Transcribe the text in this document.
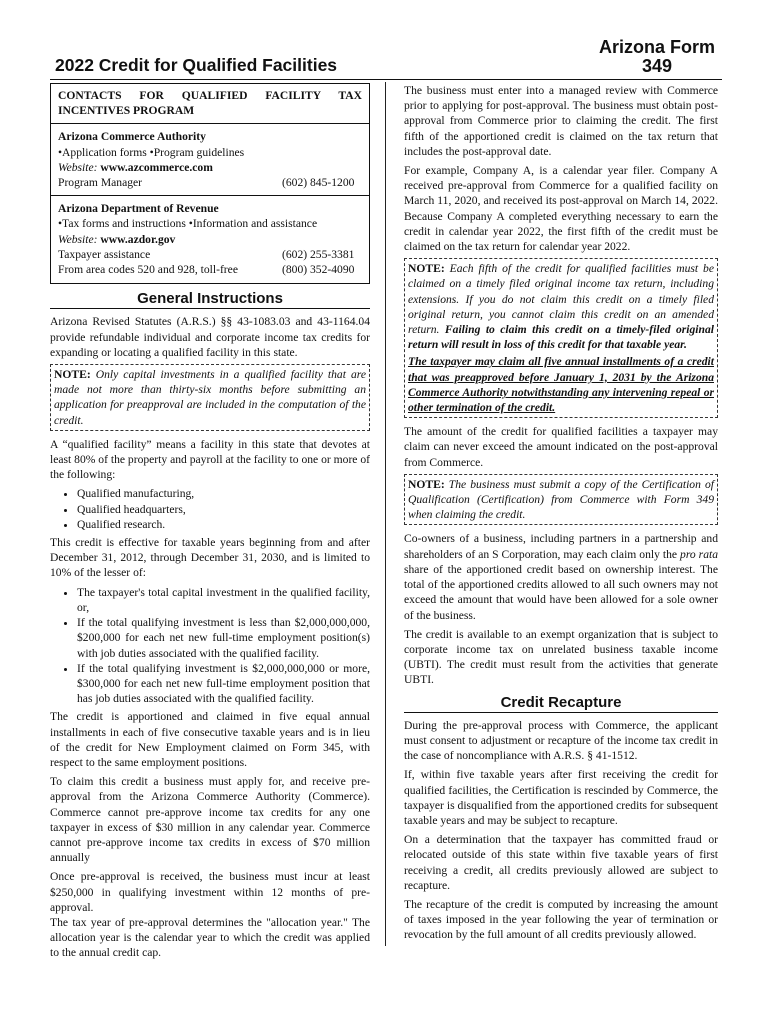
Arizona Form
349
2022 Credit for Qualified Facilities
CONTACTS FOR QUALIFIED FACILITY TAX INCENTIVES PROGRAM
Arizona Commerce Authority
•Application forms •Program guidelines
Website: www.azcommerce.com
Program Manager	(602) 845-1200
Arizona Department of Revenue
•Tax forms and instructions •Information and assistance
Website: www.azdor.gov
Taxpayer assistance	(602) 255-3381
From area codes 520 and 928, toll-free	(800) 352-4090
General Instructions

Arizona Revised Statutes (A.R.S.) §§ 43-1083.03 and 43-1164.04 provide refundable individual and corporate income tax credits for expanding or locating a qualified facility in this state.

NOTE: Only capital investments in a qualified facility that are made not more than thirty-six months before submitting an application for preapproval are included in the computation of the credit.

A “qualified facility” means a facility in this state that devotes at least 80% of the property and payroll at the facility to one or more of the following:

• Qualified manufacturing,
• Qualified headquarters,
• Qualified research.

This credit is effective for taxable years beginning from and after December 31, 2012, through December 31, 2030, and is limited to 10% of the lesser of:

• The taxpayer's total capital investment in the qualified facility, or,
• If the total qualifying investment is less than $2,000,000,000, $200,000 for each net new full-time employment position(s) with job duties associated with the qualified facility.
• If the total qualifying investment is $2,000,000,000 or more, $300,000 for each net new full-time employment position that has job duties associated with the qualified facility.

The credit is apportioned and claimed in five equal annual installments in each of five consecutive taxable years and is in lieu of the credit for New Employment claimed on Form 345, with respect to the same employment positions.

To claim this credit a business must apply for, and receive pre-approval from the Arizona Commerce Authority (Commerce). Commerce cannot pre-approve income tax credits for any one taxpayer in excess of $30 million in any calendar year. Commerce cannot pre-approve income tax credits in excess of $70 million annually

Once pre-approval is received, the business must incur at least $250,000 in qualifying investment within 12 months of pre-approval.

The tax year of pre-approval determines the "allocation year." The allocation year is the calendar year to which the credit was applied to the annual credit cap.

The business must enter into a managed review with Commerce prior to applying for post-approval. The business must obtain post-approval from Commerce prior to claiming the credit. The first fifth of the apportioned credit is claimed on the tax return that includes the post-approval date.

For example, Company A, is a calendar year filer. Company A received pre-approval from Commerce for a qualified facility on March 11, 2020, and received its post-approval on March 14, 2022. Because Company A completed everything necessary to earn the credit in calendar year 2022, the first fifth of the credit must be claimed on the tax return for calendar year 2022.

NOTE: Each fifth of the credit for qualified facilities must be claimed on a timely filed original income tax return, including extensions. If you do not claim this credit on a timely filed original return, you cannot claim this credit on an amended return. Failing to claim this credit on a timely-filed original return will result in loss of this credit for that taxable year.
The taxpayer may claim all five annual installments of a credit that was preapproved before January 1, 2031 by the Arizona Commerce Authority notwithstanding any intervening repeal or other termination of the credit.

The amount of the credit for qualified facilities a taxpayer may claim can never exceed the amount indicated on the post-approval from Commerce.

NOTE: The business must submit a copy of the Certification of Qualification (Certification) from Commerce with Form 349 when claiming the credit.

Co-owners of a business, including partners in a partnership and shareholders of an S Corporation, may each claim only the pro rata share of the apportioned credit based on ownership interest. The total of the apportioned credits allowed to all such owners may not exceed the amount that would have been allowed for a sole owner of the business.

The credit is available to an exempt organization that is subject to corporate income tax on unrelated business taxable income (UBTI). The credit must result from the activities that generate UBTI.

Credit Recapture

During the pre-approval process with Commerce, the applicant must consent to adjustment or recapture of the income tax credit in the case of noncompliance with A.R.S. § 41-1512.

If, within five taxable years after first receiving the credit for qualified facilities, the Certification is rescinded by Commerce, the taxpayer is disqualified from the apportioned credits for subsequent taxable years and may be subject to recapture.

On a determination that the taxpayer has committed fraud or relocated outside of this state within five taxable years of first receiving a credit, all credits previously allowed are subject to recapture.

The recapture of the credit is computed by increasing the amount of taxes imposed in the year following the year of termination or revocation by the full amount of all credits previously allowed.
